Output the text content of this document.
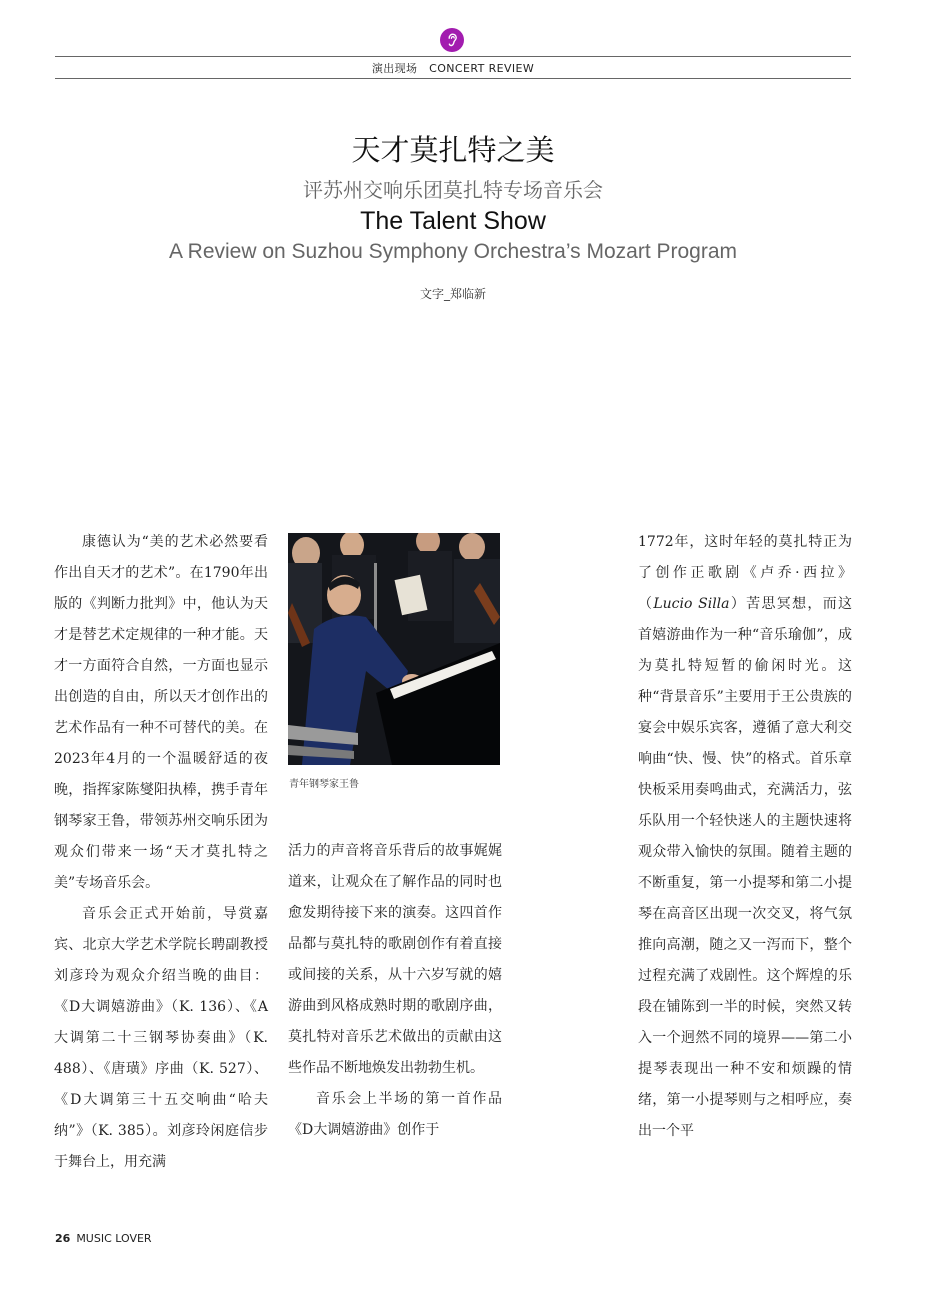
演出现场 CONCERT REVIEW
天才莫扎特之美
评苏州交响乐团莫扎特专场音乐会
The Talent Show
A Review on Suzhou Symphony Orchestra’s Mozart Program
文字_郑临新

康德认为“美的艺术必然要看作出自天才的艺术”。在1790年出版的《判断力批判》中，他认为天才是替艺术定规律的一种才能。天才一方面符合自然，一方面也显示出创造的自由，所以天才创作出的艺术作品有一种不可替代的美。在2023年4月的一个温暖舒适的夜晚，指挥家陈燮阳执棒，携手青年钢琴家王鲁，带领苏州交响乐团为观众们带来一场“天才莫扎特之美”专场音乐会。

音乐会正式开始前，导赏嘉宾、北京大学艺术学院长聘副教授刘彦玲为观众介绍当晚的曲目：《D大调嬉游曲》（K. 136）、《A大调第二十三钢琴协奏曲》（K. 488）、《唐璜》序曲（K. 527）、《D大调第三十五交响曲“哈夫纳”》（K. 385）。刘彦玲闲庭信步于舞台上，用充满

青年钢琴家王鲁

活力的声音将音乐背后的故事娓娓道来，让观众在了解作品的同时也愈发期待接下来的演奏。这四首作品都与莫扎特的歌剧创作有着直接或间接的关系，从十六岁写就的嬉游曲到风格成熟时期的歌剧序曲，莫扎特对音乐艺术做出的贡献由这些作品不断地焕发出勃勃生机。

音乐会上半场的第一首作品《D大调嬉游曲》创作于

1772年，这时年轻的莫扎特正为了创作正歌剧《卢乔·西拉》（Lucio Silla）苦思冥想，而这首嬉游曲作为一种“音乐瑜伽”，成为莫扎特短暂的偷闲时光。这种“背景音乐”主要用于王公贵族的宴会中娱乐宾客，遵循了意大利交响曲“快、慢、快”的格式。首乐章快板采用奏鸣曲式，充满活力，弦乐队用一个轻快迷人的主题快速将观众带入愉快的氛围。随着主题的不断重复，第一小提琴和第二小提琴在高音区出现一次交叉，将气氛推向高潮，随之又一泻而下，整个过程充满了戏剧性。这个辉煌的乐段在铺陈到一半的时候，突然又转入一个迥然不同的境界——第二小提琴表现出一种不安和烦躁的情绪，第一小提琴则与之相呼应，奏出一个平

26 MUSIC LOVER
